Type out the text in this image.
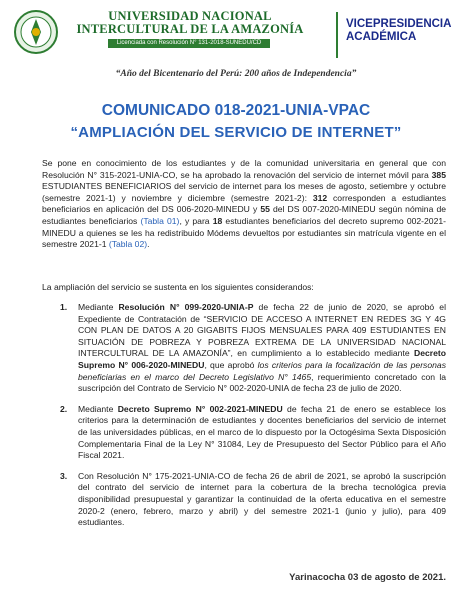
UNIVERSIDAD NACIONAL
INTERCULTURAL DE LA AMAZONÍA
Licenciada con Resolución N° 131-2018-SUNEDU/CD
VICEPRESIDENCIA
ACADÉMICA
“Año del Bicentenario del Perú: 200 años de Independencia”
COMUNICADO 018-2021-UNIA-VPAC
“AMPLIACIÓN DEL SERVICIO DE INTERNET”
Se pone en conocimiento de los estudiantes y de la comunidad universitaria en general que con Resolución N° 315-2021-UNIA-CO, se ha aprobado la renovación del servicio de internet móvil para 385 ESTUDIANTES BENEFICIARIOS del servicio de internet para los meses de agosto, setiembre y octubre (semestre 2021-1) y noviembre y diciembre (semestre 2021-2): 312 corresponden a estudiantes beneficiarios en aplicación del DS 006-2020-MINEDU y 55 del DS 007-2020-MINEDU según nómina de estudiantes beneficiarios (Tabla 01), y para 18 estudiantes beneficiarios del decreto supremo 002-2021-MINEDU a quienes se les ha redistribuido Módems devueltos por estudiantes sin matrícula vigente en el semestre 2021-1 (Tabla 02).
La ampliación del servicio se sustenta en los siguientes considerandos:
1. Mediante Resolución N° 099-2020-UNIA-P de fecha 22 de junio de 2020, se aprobó el Expediente de Contratación de “SERVICIO DE ACCESO A INTERNET EN REDES 3G Y 4G CON PLAN DE DATOS A 20 GIGABITS FIJOS MENSUALES PARA 409 ESTUDIANTES EN SITUACIÓN DE POBREZA Y POBREZA EXTREMA DE LA UNIVERSIDAD NACIONAL INTERCULTURAL DE LA AMAZONÍA”, en cumplimiento a lo establecido mediante Decreto Supremo N° 006-2020-MINEDU, que aprobó los criterios para la focalización de las personas beneficiarias en el marco del Decreto Legislativo N° 1465, requerimiento concretado con la suscripción del Contrato de Servicio N° 002-2020-UNIA de fecha 23 de julio de 2020.
2. Mediante Decreto Supremo N° 002-2021-MINEDU de fecha 21 de enero se establece los criterios para la determinación de estudiantes y docentes beneficiarios del servicio de internet de las universidades públicas, en el marco de lo dispuesto por la Octogésima Sexta Disposición Complementaria Final de la Ley N° 31084, Ley de Presupuesto del Sector Público para el Año Fiscal 2021.
3. Con Resolución N° 175-2021-UNIA-CO de fecha 26 de abril de 2021, se aprobó la suscripción del contrato del servicio de internet para la cobertura de la brecha tecnológica previa disponibilidad presupuestal y garantizar la continuidad de la oferta educativa en el semestre 2020-2 (enero, febrero, marzo y abril) y del semestre 2021-1 (junio y julio), para 409 estudiantes.
Yarinacocha 03 de agosto de 2021.
